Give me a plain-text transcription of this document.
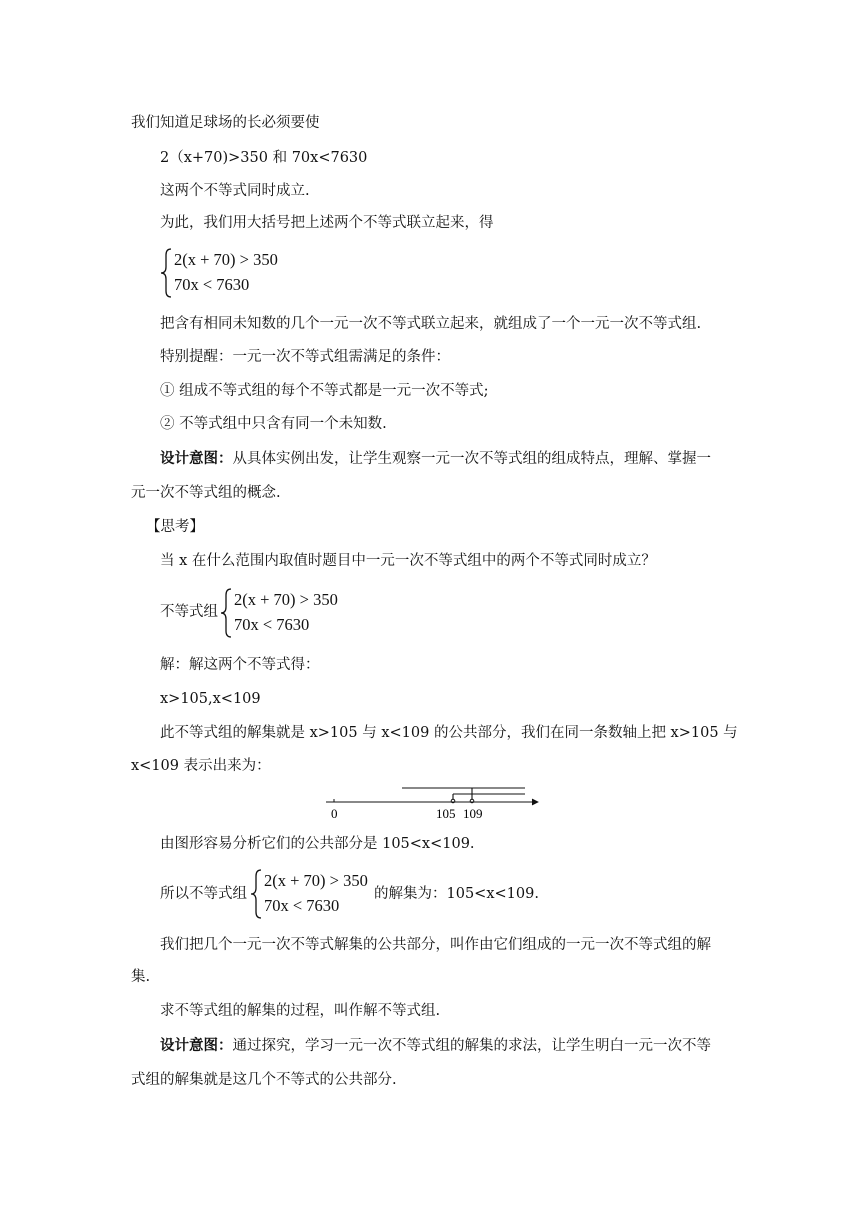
我们知道足球场的长必须要使

2（x+70)>350 和 70x<7630

这两个不等式同时成立.

为此，我们用大括号把上述两个不等式联立起来，得

2(x + 70) > 350
70x < 7630

把含有相同未知数的几个一元一次不等式联立起来，就组成了一个一元一次不等式组.

特别提醒：一元一次不等式组需满足的条件：

① 组成不等式组的每个不等式都是一元一次不等式;

② 不等式组中只含有同一个未知数.

设计意图：从具体实例出发，让学生观察一元一次不等式组的组成特点，理解、掌握一

元一次不等式组的概念.

【思考】

当 x 在什么范围内取值时题目中一元一次不等式组中的两个不等式同时成立？

不等式组

2(x + 70) > 350
70x < 7630

解：解这两个不等式得：

x>105,x<109

此不等式组的解集就是 x>105 与 x<109 的公共部分，我们在同一条数轴上把 x>105 与

x<109 表示出来为：

0	105 109

由图形容易分析它们的公共部分是 105<x<109.

所以不等式组

2(x + 70) > 350
70x < 7630

的解集为：105<x<109.

我们把几个一元一次不等式解集的公共部分，叫作由它们组成的一元一次不等式组的解

集.

求不等式组的解集的过程，叫作解不等式组.

设计意图：通过探究，学习一元一次不等式组的解集的求法，让学生明白一元一次不等

式组的解集就是这几个不等式的公共部分.
